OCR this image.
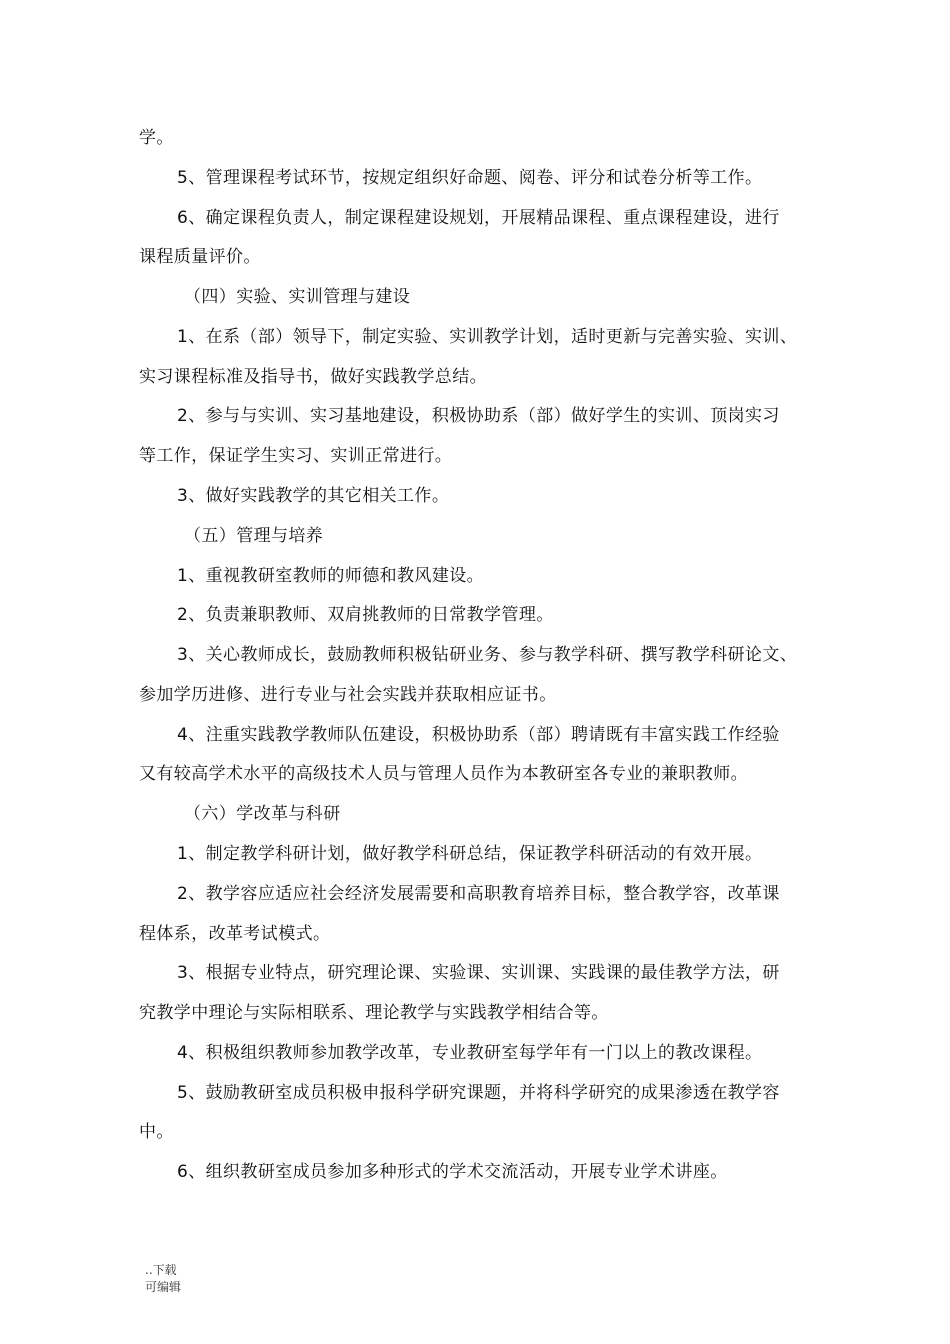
学。
5、管理课程考试环节，按规定组织好命题、阅卷、评分和试卷分析等工作。
6、确定课程负责人，制定课程建设规划，开展精品课程、重点课程建设，进行
课程质量评价。
（四）实验、实训管理与建设
1、在系（部）领导下，制定实验、实训教学计划，适时更新与完善实验、实训、
实习课程标准及指导书，做好实践教学总结。
2、参与与实训、实习基地建设，积极协助系（部）做好学生的实训、顶岗实习
等工作，保证学生实习、实训正常进行。
3、做好实践教学的其它相关工作。
（五）管理与培养
1、重视教研室教师的师德和教风建设。
2、负责兼职教师、双肩挑教师的日常教学管理。
3、关心教师成长，鼓励教师积极钻研业务、参与教学科研、撰写教学科研论文、
参加学历进修、进行专业与社会实践并获取相应证书。
4、注重实践教学教师队伍建设，积极协助系（部）聘请既有丰富实践工作经验
又有较高学术水平的高级技术人员与管理人员作为本教研室各专业的兼职教师。
（六）学改革与科研
1、制定教学科研计划，做好教学科研总结，保证教学科研活动的有效开展。
2、教学容应适应社会经济发展需要和高职教育培养目标，整合教学容，改革课
程体系，改革考试模式。
3、根据专业特点，研究理论课、实验课、实训课、实践课的最佳教学方法，研
究教学中理论与实际相联系、理论教学与实践教学相结合等。
4、积极组织教师参加教学改革，专业教研室每学年有一门以上的教改课程。
5、鼓励教研室成员积极申报科学研究课题，并将科学研究的成果渗透在教学容
中。
6、组织教研室成员参加多种形式的学术交流活动，开展专业学术讲座。
..下载
可编辑
